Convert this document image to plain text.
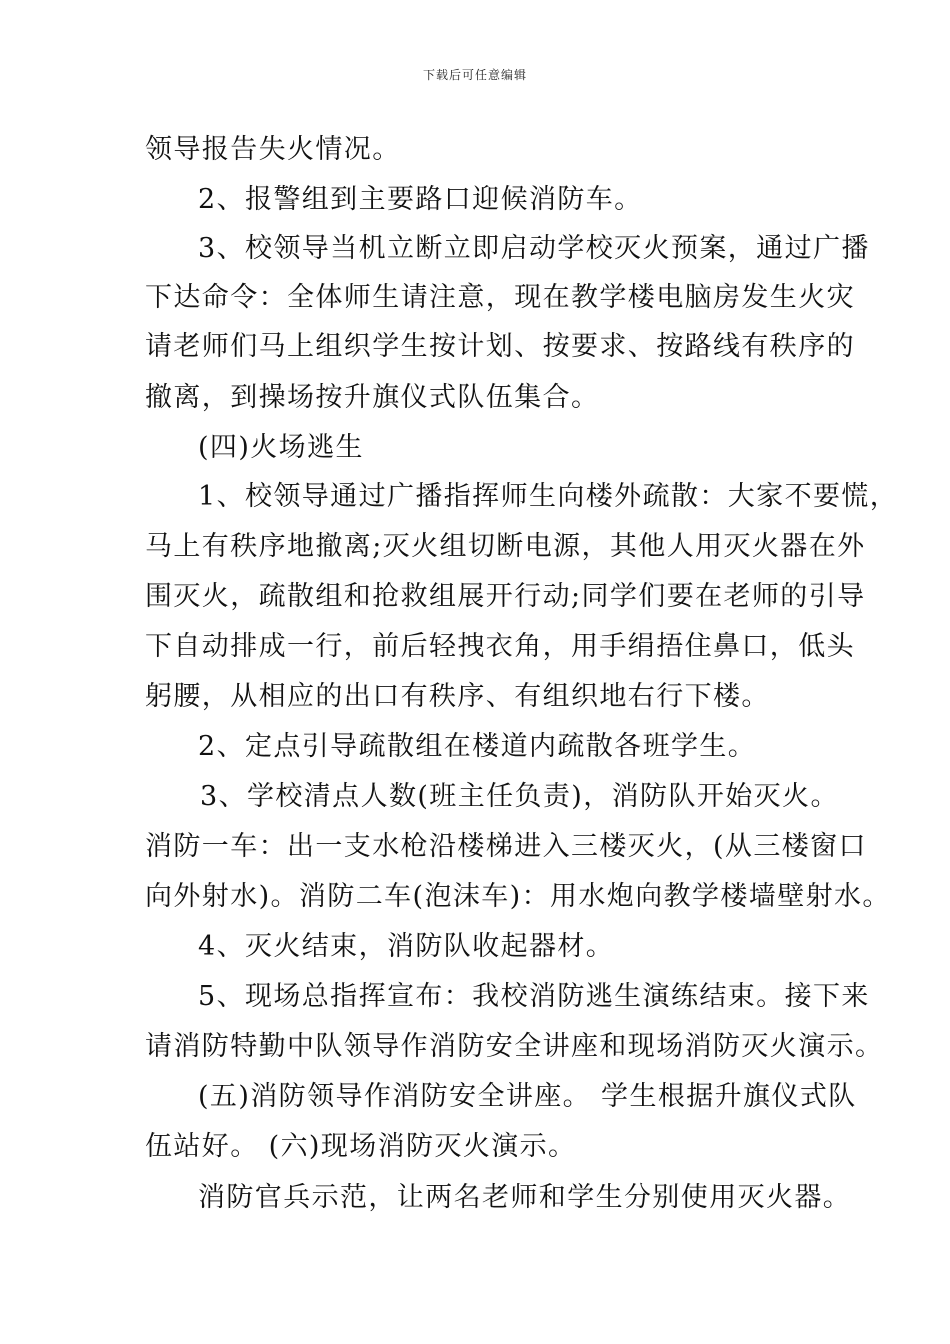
下载后可任意编辑
领导报告失火情况。
2、报警组到主要路口迎候消防车。
3、校领导当机立断立即启动学校灭火预案，通过广播
下达命令：全体师生请注意，现在教学楼电脑房发生火灾
请老师们马上组织学生按计划、按要求、按路线有秩序的
撤离，到操场按升旗仪式队伍集合。
(四)火场逃生
1、校领导通过广播指挥师生向楼外疏散：大家不要慌，
马上有秩序地撤离;灭火组切断电源，其他人用灭火器在外
围灭火，疏散组和抢救组展开行动;同学们要在老师的引导
下自动排成一行，前后轻拽衣角，用手绢捂住鼻口，低头
躬腰，从相应的出口有秩序、有组织地右行下楼。
2、定点引导疏散组在楼道内疏散各班学生。
3、学校清点人数(班主任负责)，消防队开始灭火。
消防一车：出一支水枪沿楼梯进入三楼灭火，(从三楼窗口
向外射水)。消防二车(泡沫车)：用水炮向教学楼墙壁射水。
4、灭火结束，消防队收起器材。
5、现场总指挥宣布：我校消防逃生演练结束。接下来
请消防特勤中队领导作消防安全讲座和现场消防灭火演示。
(五)消防领导作消防安全讲座。 学生根据升旗仪式队
伍站好。 (六)现场消防灭火演示。
消防官兵示范，让两名老师和学生分别使用灭火器。
